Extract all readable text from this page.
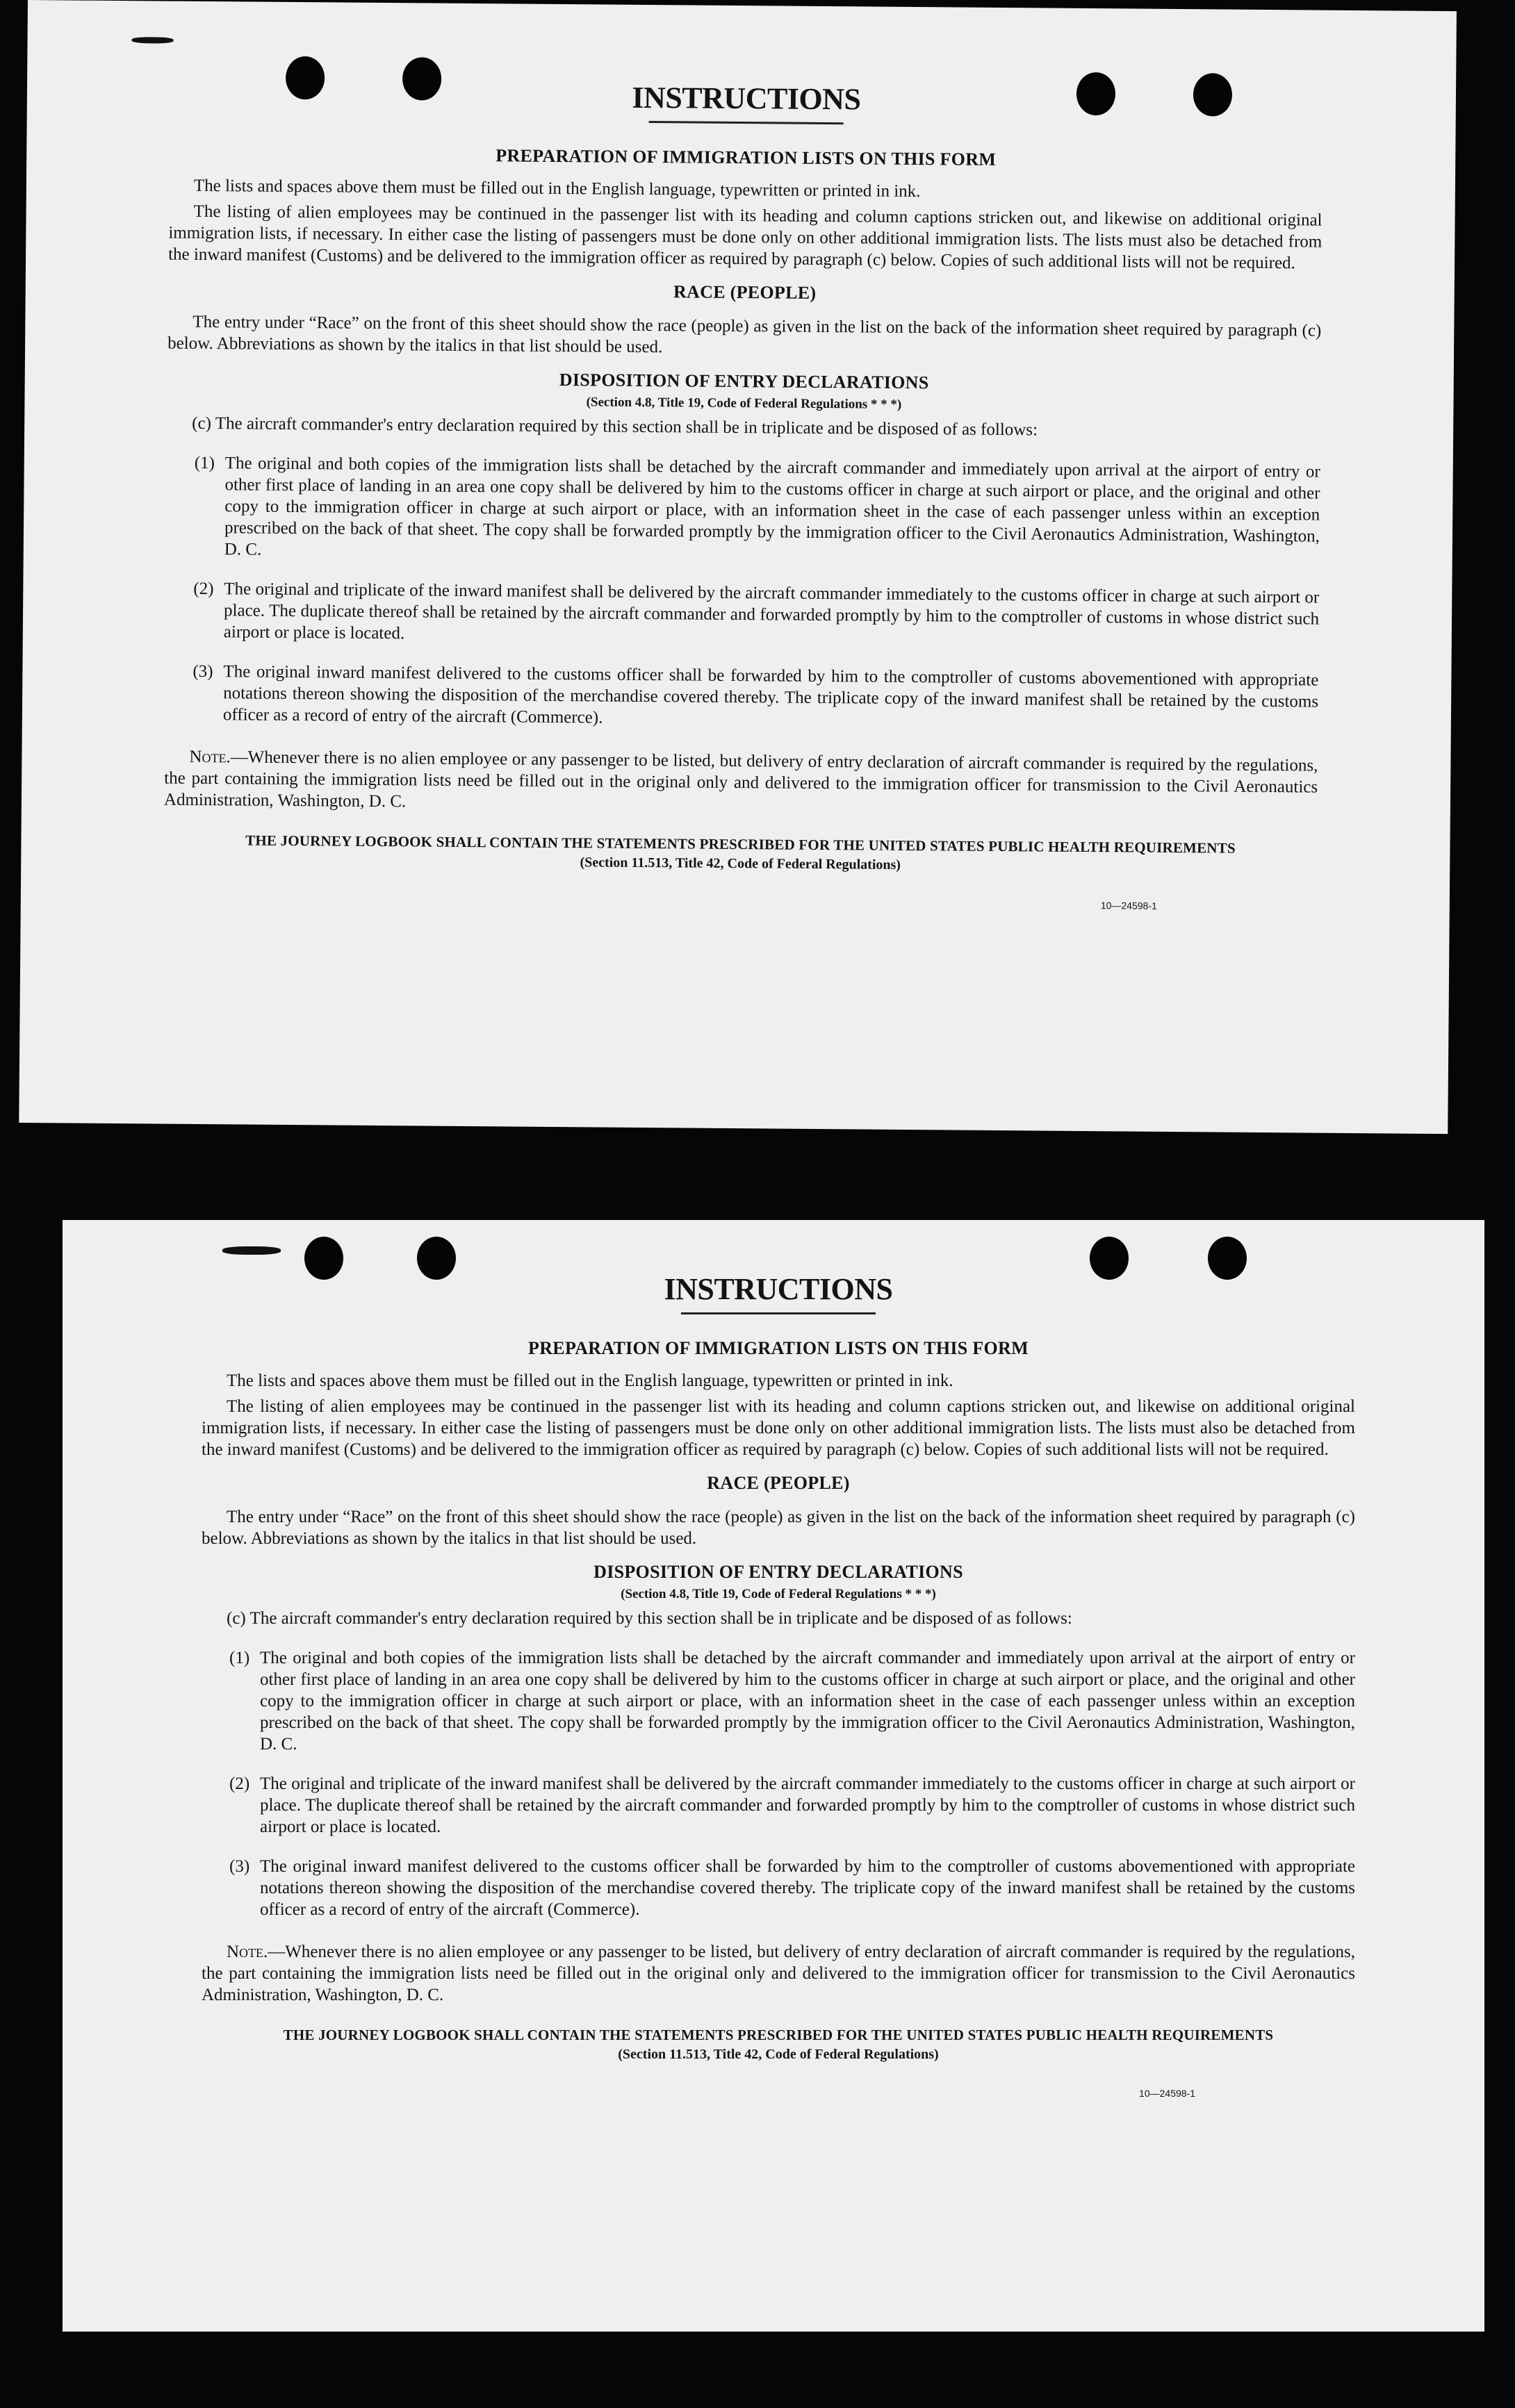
INSTRUCTIONS
PREPARATION OF IMMIGRATION LISTS ON THIS FORM

The lists and spaces above them must be filled out in the English language, typewritten or printed in ink.

The listing of alien employees may be continued in the passenger list with its heading and column captions stricken out, and likewise on additional original immigration lists, if necessary. In either case the listing of passengers must be done only on other additional immigration lists. The lists must also be detached from the inward manifest (Customs) and be delivered to the immigration officer as required by paragraph (c) below. Copies of such additional lists will not be required.

RACE (PEOPLE)

The entry under “Race” on the front of this sheet should show the race (people) as given in the list on the back of the information sheet required by paragraph (c) below. Abbreviations as shown by the italics in that list should be used.

DISPOSITION OF ENTRY DECLARATIONS
(Section 4.8, Title 19, Code of Federal Regulations * * *)

(c) The aircraft commander's entry declaration required by this section shall be in triplicate and be disposed of as follows:

(1) The original and both copies of the immigration lists shall be detached by the aircraft commander and immediately upon arrival at the airport of entry or other first place of landing in an area one copy shall be delivered by him to the customs officer in charge at such airport or place, and the original and other copy to the immigration officer in charge at such airport or place, with an information sheet in the case of each passenger unless within an exception prescribed on the back of that sheet. The copy shall be forwarded promptly by the immigration officer to the Civil Aeronautics Administration, Washington, D. C.
(2) The original and triplicate of the inward manifest shall be delivered by the aircraft commander immediately to the customs officer in charge at such airport or place. The duplicate thereof shall be retained by the aircraft commander and forwarded promptly by him to the comptroller of customs in whose district such airport or place is located.
(3) The original inward manifest delivered to the customs officer shall be forwarded by him to the comptroller of customs abovementioned with appropriate notations thereon showing the disposition of the merchandise covered thereby. The triplicate copy of the inward manifest shall be retained by the customs officer as a record of entry of the aircraft (Commerce).

Note.—Whenever there is no alien employee or any passenger to be listed, but delivery of entry declaration of aircraft commander is required by the regulations, the part containing the immigration lists need be filled out in the original only and delivered to the immigration officer for transmission to the Civil Aeronautics Administration, Washington, D. C.

THE JOURNEY LOGBOOK SHALL CONTAIN THE STATEMENTS PRESCRIBED FOR THE UNITED STATES PUBLIC HEALTH REQUIREMENTS
(Section 11.513, Title 42, Code of Federal Regulations)
10—24598-1
INSTRUCTIONS
PREPARATION OF IMMIGRATION LISTS ON THIS FORM

The lists and spaces above them must be filled out in the English language, typewritten or printed in ink.

The listing of alien employees may be continued in the passenger list with its heading and column captions stricken out, and likewise on additional original immigration lists, if necessary. In either case the listing of passengers must be done only on other additional immigration lists. The lists must also be detached from the inward manifest (Customs) and be delivered to the immigration officer as required by paragraph (c) below. Copies of such additional lists will not be required.

RACE (PEOPLE)

The entry under “Race” on the front of this sheet should show the race (people) as given in the list on the back of the information sheet required by paragraph (c) below. Abbreviations as shown by the italics in that list should be used.

DISPOSITION OF ENTRY DECLARATIONS
(Section 4.8, Title 19, Code of Federal Regulations * * *)

(c) The aircraft commander's entry declaration required by this section shall be in triplicate and be disposed of as follows:

(1) The original and both copies of the immigration lists shall be detached by the aircraft commander and immediately upon arrival at the airport of entry or other first place of landing in an area one copy shall be delivered by him to the customs officer in charge at such airport or place, and the original and other copy to the immigration officer in charge at such airport or place, with an information sheet in the case of each passenger unless within an exception prescribed on the back of that sheet. The copy shall be forwarded promptly by the immigration officer to the Civil Aeronautics Administration, Washington, D. C.
(2) The original and triplicate of the inward manifest shall be delivered by the aircraft commander immediately to the customs officer in charge at such airport or place. The duplicate thereof shall be retained by the aircraft commander and forwarded promptly by him to the comptroller of customs in whose district such airport or place is located.
(3) The original inward manifest delivered to the customs officer shall be forwarded by him to the comptroller of customs abovementioned with appropriate notations thereon showing the disposition of the merchandise covered thereby. The triplicate copy of the inward manifest shall be retained by the customs officer as a record of entry of the aircraft (Commerce).

Note.—Whenever there is no alien employee or any passenger to be listed, but delivery of entry declaration of aircraft commander is required by the regulations, the part containing the immigration lists need be filled out in the original only and delivered to the immigration officer for transmission to the Civil Aeronautics Administration, Washington, D. C.

THE JOURNEY LOGBOOK SHALL CONTAIN THE STATEMENTS PRESCRIBED FOR THE UNITED STATES PUBLIC HEALTH REQUIREMENTS
(Section 11.513, Title 42, Code of Federal Regulations)
10—24598-1
